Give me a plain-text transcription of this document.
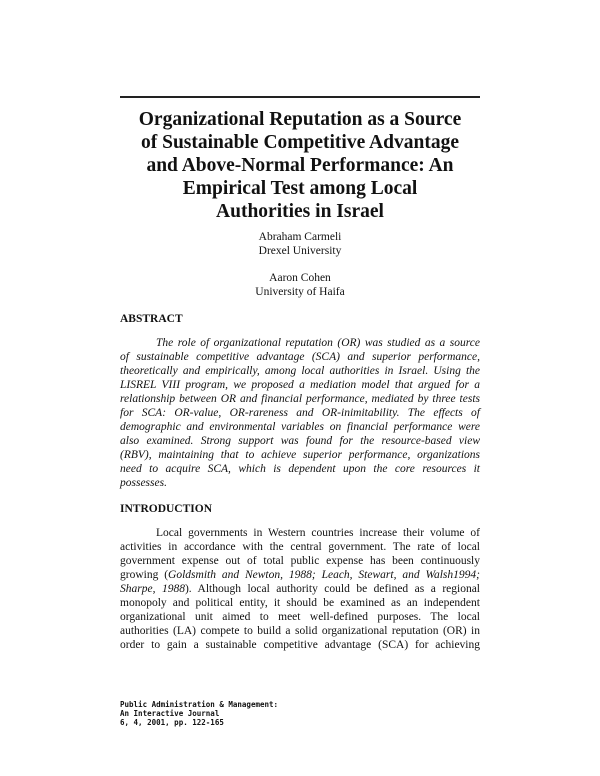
Organizational Reputation as a Source
of Sustainable Competitive Advantage
and Above-Normal Performance: An
Empirical Test among Local
Authorities in Israel
Abraham Carmeli
Drexel University
Aaron Cohen
University of Haifa
ABSTRACT
The role of organizational reputation (OR) was studied as a source
of sustainable competitive advantage (SCA) and superior performance,
theoretically and empirically, among local authorities in Israel. Using the
LISREL VIII program, we proposed a mediation model that argued for a
relationship between OR and financial performance, mediated by three tests
for SCA: OR-value, OR-rareness and OR-inimitability. The effects of
demographic and environmental variables on financial performance were
also examined. Strong support was found for the resource-based view
(RBV), maintaining that to achieve superior performance, organizations
need to acquire SCA, which is dependent upon the core resources it
possesses.
INTRODUCTION
Local governments in Western countries increase their volume of
activities in accordance with the central government. The rate of local
government expense out of total public expense has been continuously
growing (Goldsmith and Newton, 1988; Leach, Stewart, and Walsh1994;
Sharpe, 1988). Although local authority could be defined as a regional
monopoly and political entity, it should be examined as an independent
organizational unit aimed to meet well-defined purposes. The local
authorities (LA) compete to build a solid organizational reputation (OR) in
order to gain a sustainable competitive advantage (SCA) for achieving
Public Administration & Management:
An Interactive Journal
6, 4, 2001, pp. 122-165
